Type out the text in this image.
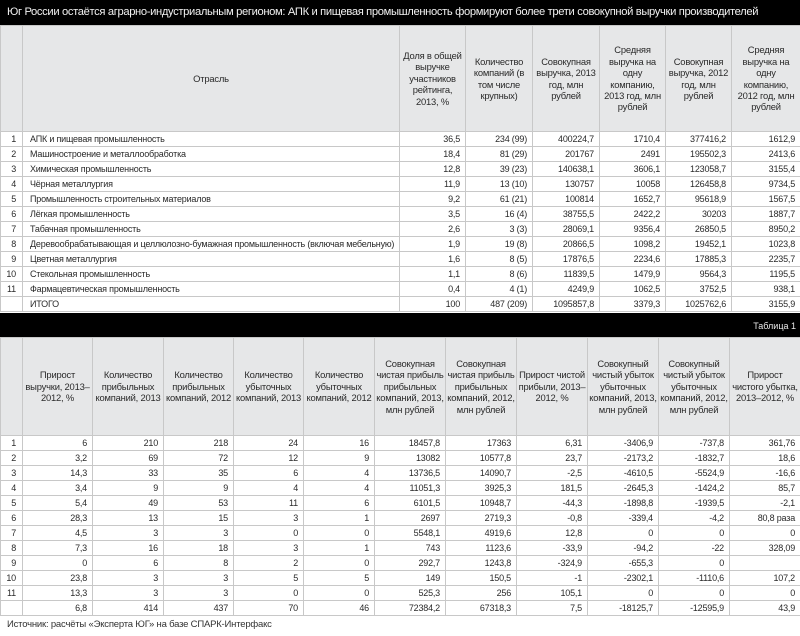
Юг России остаётся аграрно-индустриальным регионом: АПК и пищевая промышленность формируют более трети совокупной выручки производителей
	Отрасль	Доля в общей выручке участников рейтинга, 2013, %	Количество компаний (в том числе крупных)	Совокупная выручка, 2013 год, млн рублей	Средняя выручка на одну компанию, 2013 год, млн рублей	Совокупная выручка, 2012 год, млн рублей	Средняя выручка на одну компанию, 2012 год, млн рублей
1	АПК и пищевая промышленность	36,5	234 (99)	400224,7	1710,4	377416,2	1612,9
2	Машиностроение и металлообработка	18,4	81 (29)	201767	2491	195502,3	2413,6
3	Химическая промышленность	12,8	39 (23)	140638,1	3606,1	123058,7	3155,4
4	Чёрная металлургия	11,9	13 (10)	130757	10058	126458,8	9734,5
5	Промышленность строительных материалов	9,2	61 (21)	100814	1652,7	95618,9	1567,5
6	Лёгкая промышленность	3,5	16 (4)	38755,5	2422,2	30203	1887,7
7	Табачная промышленность	2,6	3 (3)	28069,1	9356,4	26850,5	8950,2
8	Деревообрабатывающая и целлюлозно-бумажная промышленность (включая мебельную)	1,9	19 (8)	20866,5	1098,2	19452,1	1023,8
9	Цветная металлургия	1,6	8 (5)	17876,5	2234,6	17885,3	2235,7
10	Стекольная промышленность	1,1	8 (6)	11839,5	1479,9	9564,3	1195,5
11	Фармацевтическая промышленность	0,4	4 (1)	4249,9	1062,5	3752,5	938,1
	ИТОГО	100	487 (209)	1095857,8	3379,3	1025762,6	3155,9
Таблица 1
	Прирост выручки, 2013–2012, %	Количество прибыльных компаний, 2013	Количество прибыльных компаний, 2012	Количество убыточных компаний, 2013	Количество убыточных компаний, 2012	Совокупная чистая прибыль прибыльных компаний, 2013, млн рублей	Совокупная чистая прибыль прибыльных компаний, 2012, млн рублей	Прирост чистой прибыли, 2013–2012, %	Совокупный чистый убыток убыточных компаний, 2013, млн рублей	Совокупный чистый убыток убыточных компаний, 2012, млн рублей	Прирост чистого убытка, 2013–2012, %
1	6	210	218	24	16	18457,8	17363	6,31	-3406,9	-737,8	361,76
2	3,2	69	72	12	9	13082	10577,8	23,7	-2173,2	-1832,7	18,6
3	14,3	33	35	6	4	13736,5	14090,7	-2,5	-4610,5	-5524,9	-16,6
4	3,4	9	9	4	4	11051,3	3925,3	181,5	-2645,3	-1424,2	85,7
5	5,4	49	53	11	6	6101,5	10948,7	-44,3	-1898,8	-1939,5	-2,1
6	28,3	13	15	3	1	2697	2719,3	-0,8	-339,4	-4,2	80,8 раза
7	4,5	3	3	0	0	5548,1	4919,6	12,8	0	0	0
8	7,3	16	18	3	1	743	1123,6	-33,9	-94,2	-22	328,09
9	0	6	8	2	0	292,7	1243,8	-324,9	-655,3	0	
10	23,8	3	3	5	5	149	150,5	-1	-2302,1	-1110,6	107,2
11	13,3	3	3	0	0	525,3	256	105,1	0	0	0
	6,8	414	437	70	46	72384,2	67318,3	7,5	-18125,7	-12595,9	43,9
Источник: расчёты «Эксперта ЮГ» на базе СПАРК-Интерфакс
